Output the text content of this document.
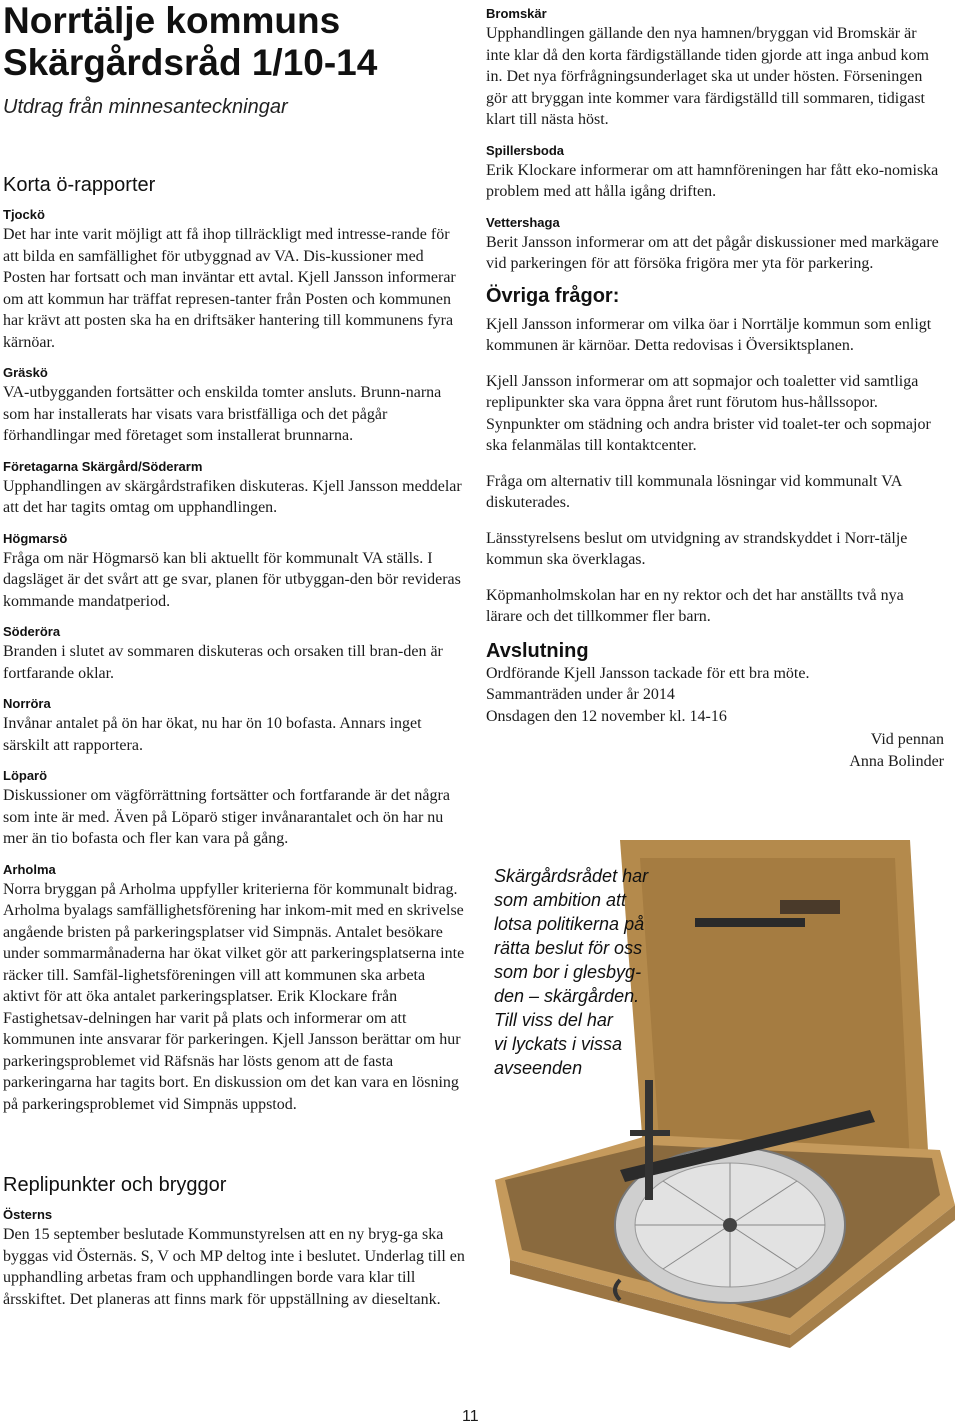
Norrtälje kommuns
Skärgårdsråd 1/10-14
Utdrag från minnesanteckningar
Korta ö-rapporter
Tjockö

Det har inte varit möjligt att få ihop tillräckligt med intresse-rande för att bilda en samfällighet för utbyggnad av VA. Dis-kussioner med Posten har fortsatt och man inväntar ett avtal. Kjell Jansson informerar om att kommun har träffat represen-tanter från Posten och kommunen har krävt att posten ska ha en driftsäker hantering till kommunens fyra kärnöar.

Gräskö

VA-utbygganden fortsätter och enskilda tomter ansluts. Brunn-narna som har installerats har visats vara bristfälliga och det pågår förhandlingar med företaget som installerat brunnarna.

Företagarna Skärgård/Söderarm

Upphandlingen av skärgårdstrafiken diskuteras. Kjell Jansson meddelar att det har tagits omtag om upphandlingen.

Högmarsö

Fråga om när Högmarsö kan bli aktuellt för kommunalt VA ställs. I dagsläget är det svårt att ge svar, planen för utbyggan-den bör revideras kommande mandatperiod.

Söderöra

Branden i slutet av sommaren diskuteras och orsaken till bran-den är fortfarande oklar.

Norröra

Invånar antalet på ön har ökat, nu har ön 10 bofasta. Annars inget särskilt att rapportera.

Löparö

Diskussioner om vägförrättning fortsätter och fortfarande är det några som inte är med. Även på Löparö stiger invånarantalet och ön har nu mer än tio bofasta och fler kan vara på gång.

Arholma

Norra bryggan på Arholma uppfyller kriterierna för kommunalt bidrag. Arholma byalags samfällighetsförening har inkom-mit med en skrivelse angående bristen på parkeringsplatser vid Simpnäs. Antalet besökare under sommarmånaderna har ökat vilket gör att parkeringsplatserna inte räcker till. Samfäl-lighetsföreningen vill att kommunen ska arbeta aktivt för att öka antalet parkeringsplatser. Erik Klockare från Fastighetsav-delningen har varit på plats och informerar om att kommunen inte ansvarar för parkeringen. Kjell Jansson berättar om hur parkeringsproblemet vid Räfsnäs har lösts genom att de fasta parkeringarna har tagits bort. En diskussion om det kan vara en lösning på parkeringsproblemet vid Simpnäs uppstod.

Replipunkter och bryggor
Österns

Den 15 september beslutade Kommunstyrelsen att en ny bryg-ga ska byggas vid Östernäs. S, V och MP deltog inte i beslutet. Underlag till en upphandling arbetas fram och upphandlingen borde vara klar till årsskiftet. Det planeras att finns mark för uppställning av dieseltank.

Bromskär

Upphandlingen gällande den nya hamnen/bryggan vid Bromskär är inte klar då den korta färdigställande tiden gjorde att inga anbud kom in. Det nya förfrågningsunderlaget ska ut under hösten. Förseningen gör att bryggan inte kommer vara färdigställd till sommaren, tidigast klart till nästa höst.

Spillersboda

Erik Klockare informerar om att hamnföreningen har fått eko-nomiska problem med att hålla igång driften.

Vettershaga

Berit Jansson informerar om att det pågår diskussioner med markägare vid parkeringen för att försöka frigöra mer yta för parkering.

Övriga frågor:

Kjell Jansson informerar om vilka öar i Norrtälje kommun som enligt kommunen är kärnöar. Detta redovisas i Översiktsplanen.

Kjell Jansson informerar om att sopmajor och toaletter vid samtliga replipunkter ska vara öppna året runt förutom hus-hållssopor. Synpunkter om städning och andra brister vid toalet-ter och sopmajor ska felanmälas till kontaktcenter.

Fråga om alternativ till kommunala lösningar vid kommunalt VA diskuterades.

Länsstyrelsens beslut om utvidgning av strandskyddet i Norr-tälje kommun ska överklagas.

Köpmanholmskolan har en ny rektor och det har anställts två nya lärare och det tillkommer fler barn.

Avslutning

Ordförande Kjell Jansson tackade för ett bra möte.

Sammanträden under år 2014

Onsdagen den 12 november kl. 14-16

Vid pennan
Anna Bolinder
Skärgårdsrådet har
som ambition att
lotsa politikerna på
rätta beslut för oss
som bor i glesbyg-
den – skärgården.
Till viss del har
vi lyckats i vissa
avseenden
11
